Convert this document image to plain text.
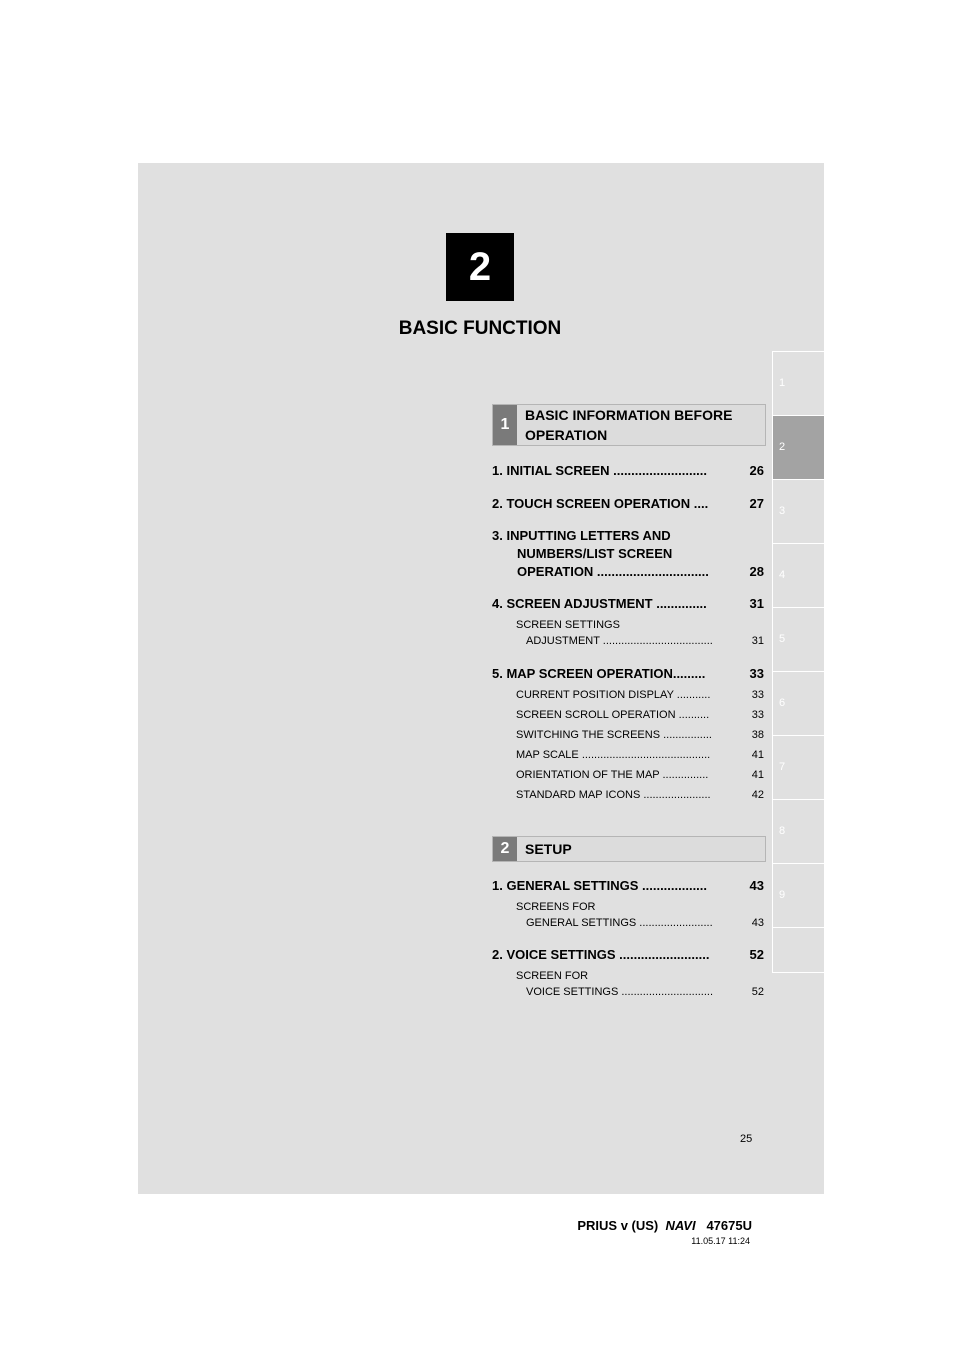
2
BASIC FUNCTION
1
2
3
4
5
6
7
8
9
1
BASIC INFORMATION BEFORE OPERATION
1. INITIAL SCREEN ..........................	26
2. TOUCH SCREEN OPERATION ....	27
3. INPUTTING LETTERS AND
NUMBERS/LIST SCREEN
OPERATION ...............................	28
4. SCREEN ADJUSTMENT ..............	31
SCREEN SETTINGS
ADJUSTMENT ....................................	31
5. MAP SCREEN OPERATION.........	33
CURRENT POSITION DISPLAY ...........	33
SCREEN SCROLL OPERATION ..........	33
SWITCHING THE SCREENS ................	38
MAP SCALE ..........................................	41
ORIENTATION OF THE MAP ...............	41
STANDARD MAP ICONS ......................	42
2	SETUP
1. GENERAL SETTINGS ..................	43
SCREENS FOR
GENERAL SETTINGS ........................	43
2. VOICE SETTINGS .........................	52
SCREEN FOR
VOICE SETTINGS ..............................	52
25
PRIUS v (US) NAVI 47675U
11.05.17 11:24
